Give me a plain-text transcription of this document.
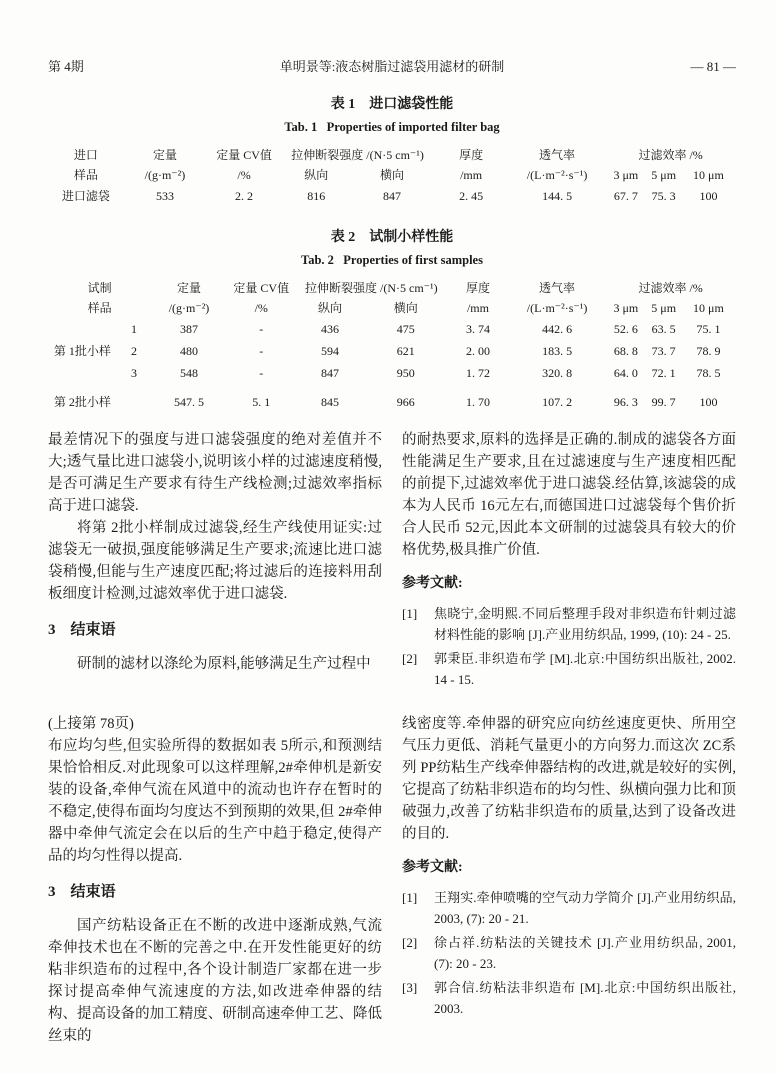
第 4期	单明景等:液态树脂过滤袋用滤材的研制	— 81 —
表 1　进口滤袋性能
Tab. 1   Properties of imported filter bag
进口	定量	定量 CV值	拉伸断裂强度 /(N·5 cm⁻¹)		厚度	透气率	过滤效率 /%		
样品	/(g·m⁻²)	/%	纵向	横向	/mm	/(L·m⁻²·s⁻¹)	3 μm	5 μm	10 μm
进口滤袋	533	2. 2	816	847	2. 45	144. 5	67. 7	75. 3	100
表 2　试制小样性能
Tab. 2   Properties of first samples
试制		定量	定量 CV值	拉伸断裂强度 /(N·5 cm⁻¹)		厚度	透气率	过滤效率 /%		
样品		/(g·m⁻²)	/%	纵向	横向	/mm	/(L·m⁻²·s⁻¹)	3 μm	5 μm	10 μm
第 1批小样	1	387	-	436	475	3. 74	442. 6	52. 6	63. 5	75. 1
	2	480	-	594	621	2. 00	183. 5	68. 8	73. 7	78. 9
	3	548	-	847	950	1. 72	320. 8	64. 0	72. 1	78. 5
第 2批小样		547. 5	5. 1	845	966	1. 70	107. 2	96. 3	99. 7	100

最差情况下的强度与进口滤袋强度的绝对差值并不大;透气量比进口滤袋小,说明该小样的过滤速度稍慢,是否可满足生产要求有待生产线检测;过滤效率指标高于进口滤袋.

将第 2批小样制成过滤袋,经生产线使用证实:过滤袋无一破损,强度能够满足生产要求;流速比进口滤袋稍慢,但能与生产速度匹配;将过滤后的连接料用刮板细度计检测,过滤效率优于进口滤袋.

3　结束语

研制的滤材以涤纶为原料,能够满足生产过程中

的耐热要求,原料的选择是正确的.制成的滤袋各方面性能满足生产要求,且在过滤速度与生产速度相匹配的前提下,过滤效率优于进口滤袋.经估算,该滤袋的成本为人民币 16元左右,而德国进口过滤袋每个售价折合人民币 52元,因此本文研制的过滤袋具有较大的价格优势,极具推广价值.

参考文献:
[1]	焦晓宁,金明熙.不同后整理手段对非织造布针刺过滤材料性能的影响 [J].产业用纺织品, 1999, (10): 24 - 25.
[2]	郭秉臣.非织造布学 [M].北京:中国纺织出版社, 2002. 14 - 15.

(上接第 78页)

布应均匀些,但实验所得的数据如表 5所示,和预测结果恰恰相反.对此现象可以这样理解,2#牵伸机是新安装的设备,牵伸气流在风道中的流动也许存在暂时的不稳定,使得布面均匀度达不到预期的效果,但 2#牵伸器中牵伸气流定会在以后的生产中趋于稳定,使得产品的均匀性得以提高.

3　结束语

国产纺粘设备正在不断的改进中逐渐成熟,气流牵伸技术也在不断的完善之中.在开发性能更好的纺粘非织造布的过程中,各个设计制造厂家都在进一步探讨提高牵伸气流速度的方法,如改进牵伸器的结构、提高设备的加工精度、研制高速牵伸工艺、降低丝束的

线密度等.牵伸器的研究应向纺丝速度更快、所用空气压力更低、消耗气量更小的方向努力.而这次 ZC系列 PP纺粘生产线牵伸器结构的改进,就是较好的实例,它提高了纺粘非织造布的均匀性、纵横向强力比和顶破强力,改善了纺粘非织造布的质量,达到了设备改进的目的.

参考文献:
[1]	王翔实.牵伸喷嘴的空气动力学简介 [J].产业用纺织品, 2003, (7): 20 - 21.
[2]	徐占祥.纺粘法的关键技术 [J].产业用纺织品, 2001, (7): 20 - 23.
[3]	郭合信.纺粘法非织造布 [M].北京:中国纺织出版社, 2003.
